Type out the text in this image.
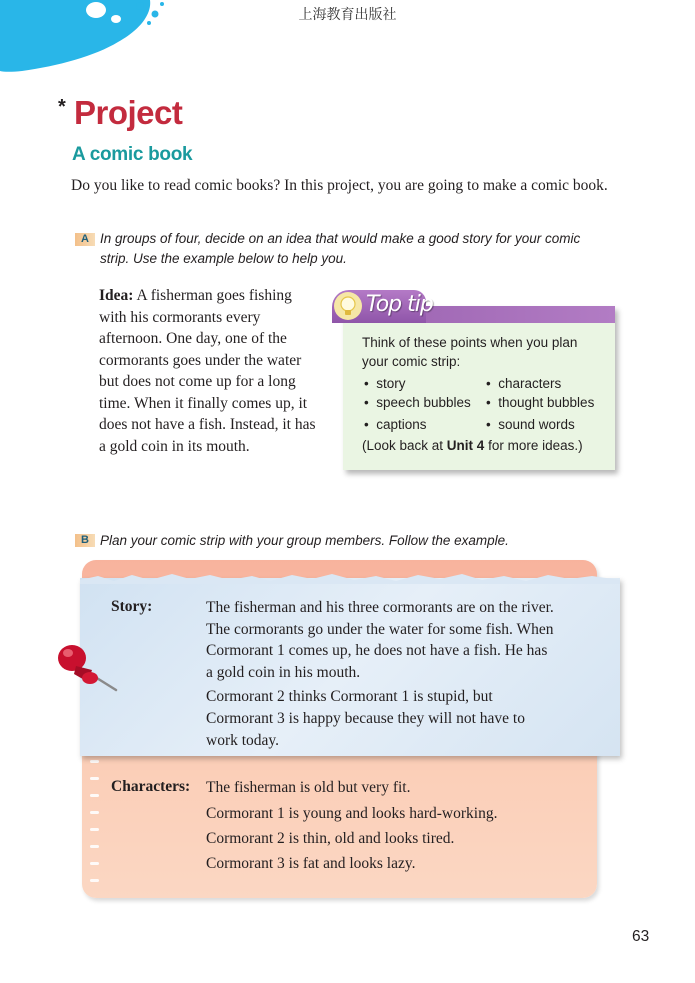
上海教育出版社
* Project
A comic book
Do you like to read comic books? In this project, you are going to make a comic book.
A In groups of four, decide on an idea that would make a good story for your comic
strip. Use the example below to help you.
Idea: A fisherman goes fishing with his cormorants every afternoon. One day, one of the cormorants goes under the water but does not come up for a long time. When it finally comes up, it does not have a fish. Instead, it has a gold coin in its mouth.
Top tip
Think of these points when you plan
your comic strip:
•  story	•  characters
•  speech bubbles •  thought bubbles
•  captions	•  sound words
(Look back at Unit 4 for more ideas.)
B Plan your comic strip with your group members. Follow the example.
Story:	The fisherman and his three cormorants are on the river.
The cormorants go under the water for some fish. When
Cormorant 1 comes up, he does not have a fish. He has
a gold coin in his mouth.
Cormorant 2 thinks Cormorant 1 is stupid, but
Cormorant 3 is happy because they will not have to
work today.
Characters: The fisherman is old but very fit.
Cormorant 1 is young and looks hard-working.
Cormorant 2 is thin, old and looks tired.
Cormorant 3 is fat and looks lazy.
63
